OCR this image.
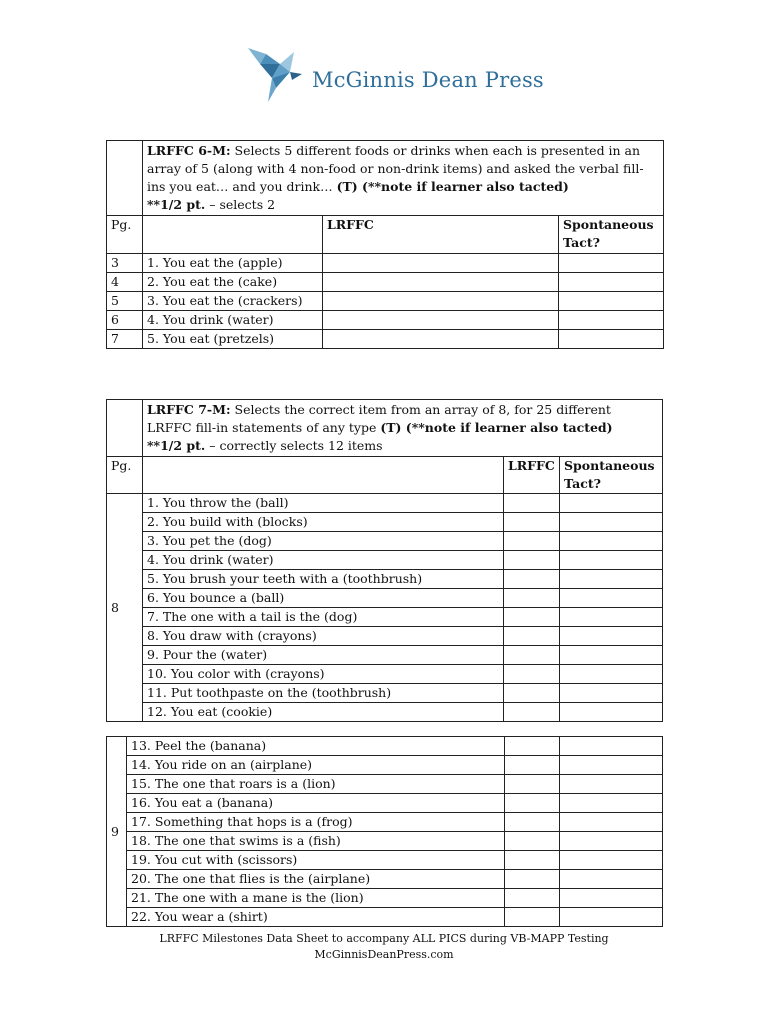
McGinnis Dean Press
	LRFFC 6-M: Selects 5 different foods or drinks when each is presented in an array of 5 (along with 4 non-food or non-drink items) and asked the verbal fill-ins you eat… and you drink… (T) (**note if learner also tacted)
**1/2 pt. – selects 2		
Pg.		LRFFC	Spontaneous Tact?
3	1. You eat the (apple)		
4	2. You eat the (cake)		
5	3. You eat the (crackers)		
6	4. You drink (water)		
7	5. You eat (pretzels)		
	LRFFC 7-M: Selects the correct item from an array of 8, for 25 different LRFFC fill-in statements of any type (T) (**note if learner also tacted)
**1/2 pt. – correctly selects 12 items		
Pg.		LRFFC	Spontaneous Tact?
8	1. You throw the (ball)		
	2. You build with (blocks)		
	3. You pet the (dog)		
	4. You drink (water)		
	5. You brush your teeth with a (toothbrush)		
	6. You bounce a (ball)		
	7. The one with a tail is the (dog)		
	8. You draw with (crayons)		
	9. Pour the (water)		
	10. You color with (crayons)		
	11. Put toothpaste on the (toothbrush)		
	12. You eat (cookie)		
9	13. Peel the (banana)		
	14. You ride on an (airplane)		
	15. The one that roars is a (lion)		
	16. You eat a (banana)		
	17. Something that hops is a (frog)		
	18. The one that swims is a (fish)		
	19. You cut with (scissors)		
	20. The one that flies is the (airplane)		
	21. The one with a mane is the (lion)		
	22. You wear a (shirt)		
LRFFC Milestones Data Sheet to accompany ALL PICS during VB-MAPP Testing
McGinnisDeanPress.com
